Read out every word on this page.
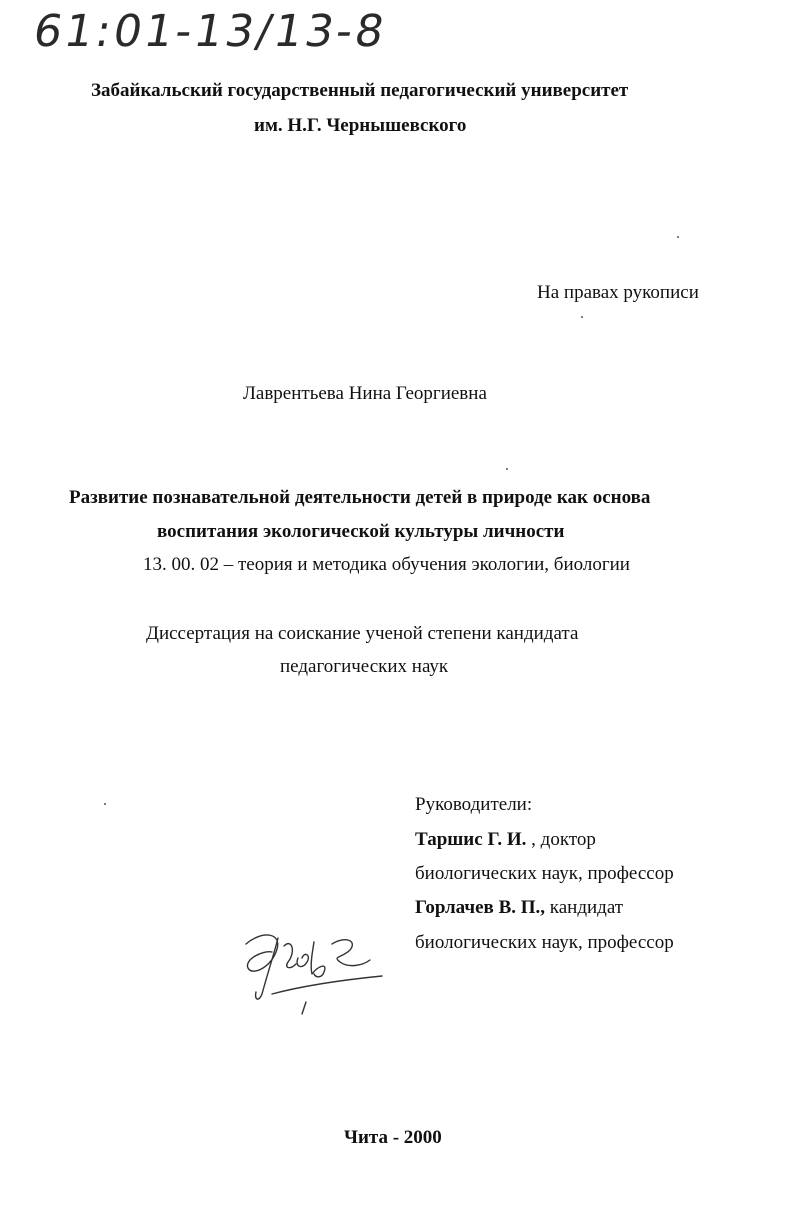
61:01-13/13-8
Забайкальский государственный педагогический университет
им. Н.Г. Чернышевского
На правах рукописи
Лаврентьева Нина Георгиевна
Развитие познавательной деятельности детей в природе как основа
воспитания экологической культуры личности
13. 00. 02 – теория и методика обучения экологии, биологии
Диссертация на соискание ученой степени кандидата
педагогических наук
Руководители:
Таршис Г. И. , доктор
биологических наук, профессор
Горлачев В. П., кандидат
биологических наук, профессор
Чита - 2000
